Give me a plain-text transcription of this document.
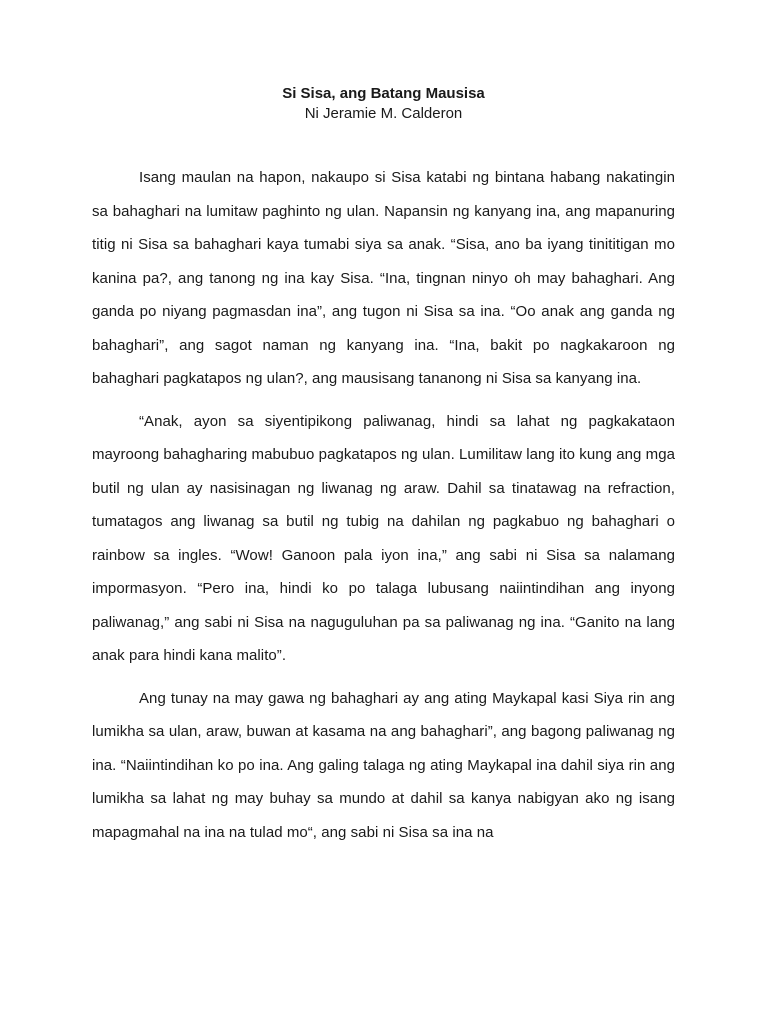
Si Sisa, ang Batang Mausisa

Ni Jeramie M. Calderon

Isang maulan na hapon, nakaupo si Sisa katabi ng bintana habang nakatingin sa bahaghari na lumitaw paghinto ng ulan. Napansin ng kanyang ina, ang mapanuring titig ni Sisa sa bahaghari kaya tumabi siya sa anak. “Sisa, ano ba iyang tinititigan mo kanina pa?, ang tanong ng ina kay Sisa. “Ina, tingnan ninyo oh may bahaghari. Ang ganda po niyang pagmasdan ina”, ang tugon ni Sisa sa ina. “Oo anak ang ganda ng bahaghari”, ang sagot naman ng kanyang ina. “Ina, bakit po nagkakaroon ng bahaghari pagkatapos ng ulan?, ang mausisang tananong ni Sisa sa kanyang ina.

“Anak, ayon sa siyentipikong paliwanag, hindi sa lahat ng pagkakataon mayroong bahagharing mabubuo pagkatapos ng ulan. Lumilitaw lang ito kung ang mga butil ng ulan ay nasisinagan ng liwanag ng araw. Dahil sa tinatawag na refraction, tumatagos ang liwanag sa butil ng tubig na dahilan ng pagkabuo ng bahaghari o rainbow sa ingles. “Wow! Ganoon pala iyon ina,” ang sabi ni Sisa sa nalamang impormasyon. “Pero ina, hindi ko po talaga lubusang naiintindihan ang inyong paliwanag,” ang sabi ni Sisa na naguguluhan pa sa paliwanag ng ina. “Ganito na lang anak para hindi kana malito”.

Ang tunay na may gawa ng bahaghari ay ang ating Maykapal kasi Siya rin ang lumikha sa ulan, araw, buwan at kasama na ang bahaghari”, ang bagong paliwanag ng ina. “Naiintindihan ko po ina. Ang galing talaga ng ating Maykapal ina dahil siya rin ang lumikha sa lahat ng may buhay sa mundo at dahil sa kanya nabigyan ako ng isang mapagmahal na ina na tulad mo“, ang sabi ni Sisa sa ina na
